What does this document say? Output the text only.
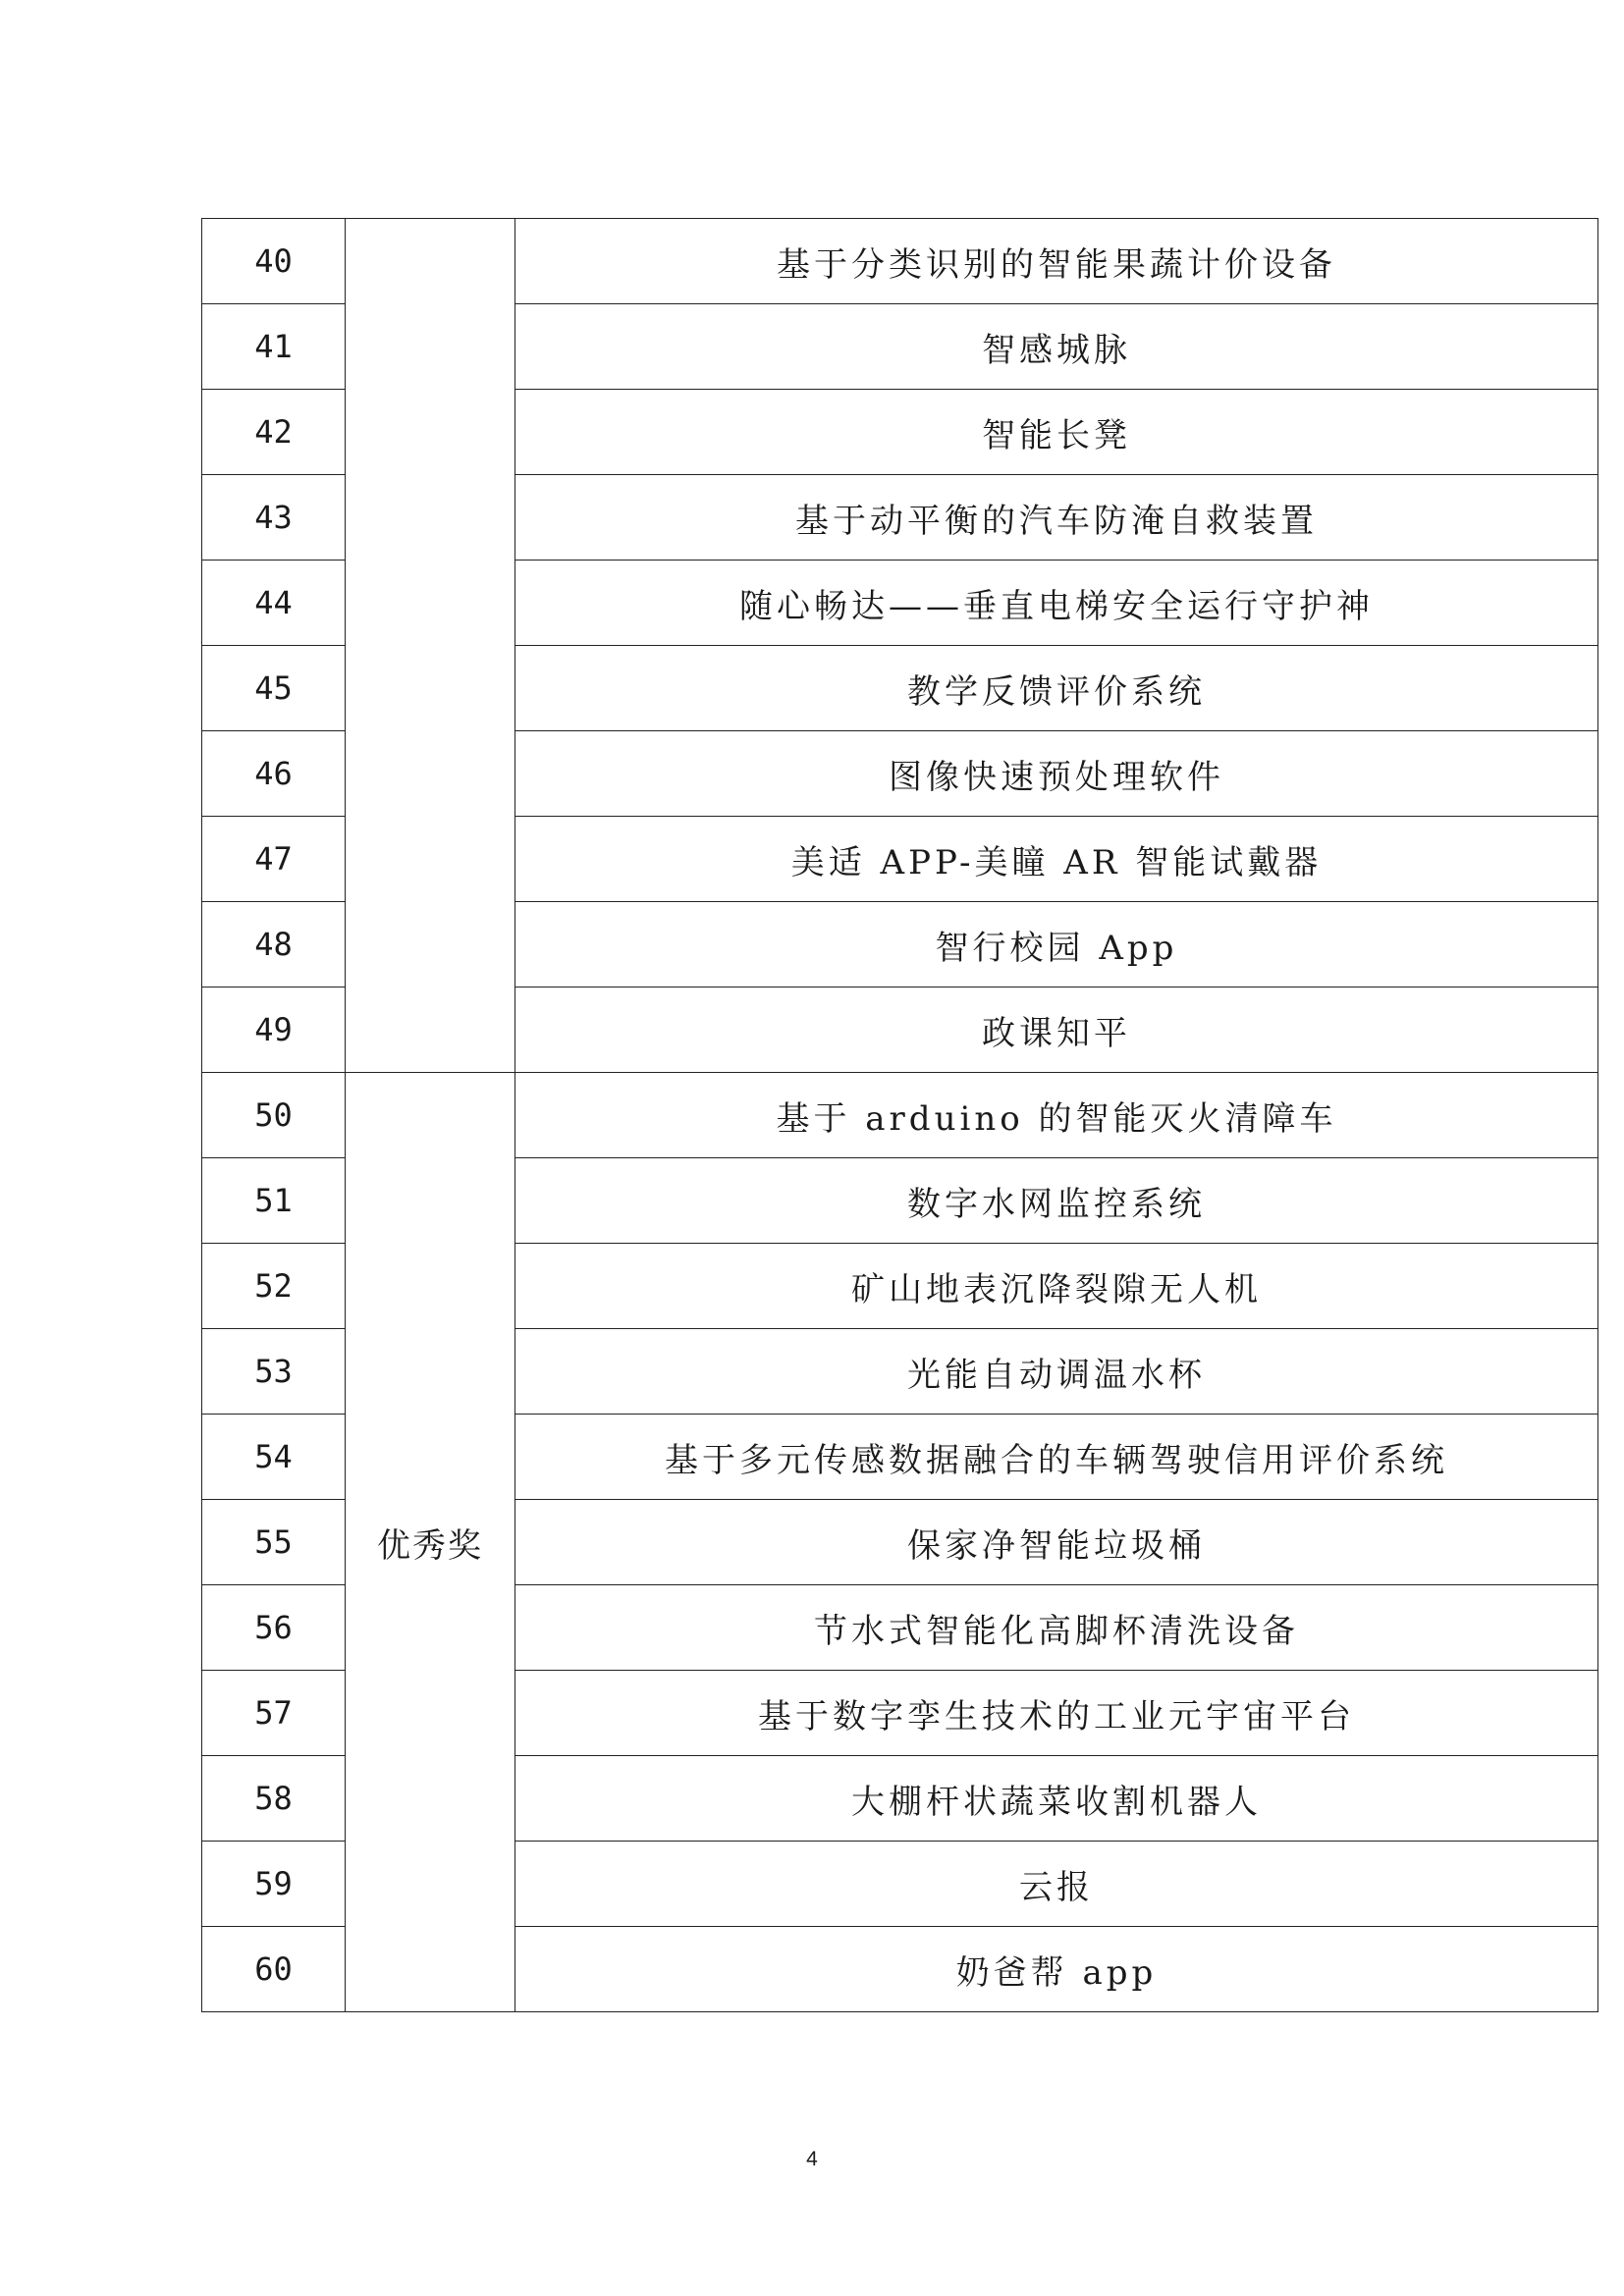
40		基于分类识别的智能果蔬计价设备
41		智感城脉
42		智能长凳
43		基于动平衡的汽车防淹自救装置
44		随心畅达——垂直电梯安全运行守护神
45		教学反馈评价系统
46		图像快速预处理软件
47		美适 APP-美瞳 AR 智能试戴器
48		智行校园 App
49		政课知平
50	优秀奖	基于 arduino 的智能灭火清障车
51		数字水网监控系统
52		矿山地表沉降裂隙无人机
53		光能自动调温水杯
54		基于多元传感数据融合的车辆驾驶信用评价系统
55		保家净智能垃圾桶
56		节水式智能化高脚杯清洗设备
57		基于数字孪生技术的工业元宇宙平台
58		大棚杆状蔬菜收割机器人
59		云报
60		奶爸帮 app
4
